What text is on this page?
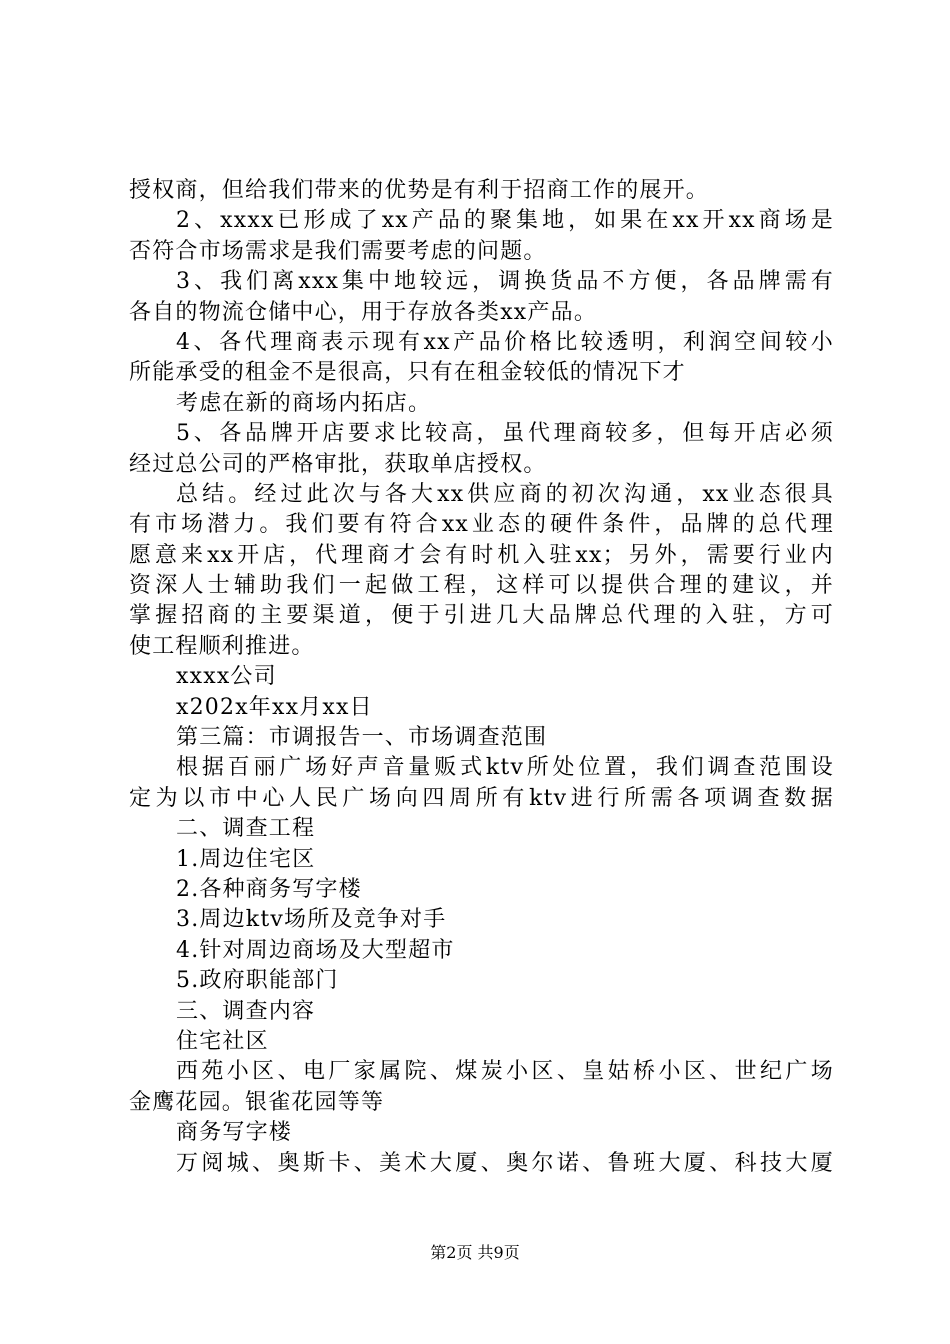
授权商，但给我们带来的优势是有利于招商工作的展开。
2、xxxx已形成了xx产品的聚集地，如果在xx开xx商场是
否符合市场需求是我们需要考虑的问题。
3、我们离xxx集中地较远，调换货品不方便，各品牌需有
各自的物流仓储中心，用于存放各类xx产品。
4、各代理商表示现有xx产品价格比较透明，利润空间较小
所能承受的租金不是很高，只有在租金较低的情况下才
考虑在新的商场内拓店。
5、各品牌开店要求比较高，虽代理商较多，但每开店必须
经过总公司的严格审批，获取单店授权。
总结。经过此次与各大xx供应商的初次沟通，xx业态很具
有市场潜力。我们要有符合xx业态的硬件条件，品牌的总代理
愿意来xx开店，代理商才会有时机入驻xx；另外，需要行业内
资深人士辅助我们一起做工程，这样可以提供合理的建议，并
掌握招商的主要渠道，便于引进几大品牌总代理的入驻，方可
使工程顺利推进。
xxxx公司
x202x年xx月xx日
第三篇：市调报告一、市场调查范围
根据百丽广场好声音量贩式ktv所处位置，我们调查范围设
定为以市中心人民广场向四周所有ktv进行所需各项调查数据
二、调查工程
1.周边住宅区
2.各种商务写字楼
3.周边ktv场所及竞争对手
4.针对周边商场及大型超市
5.政府职能部门
三、调查内容
住宅社区
西苑小区、电厂家属院、煤炭小区、皇姑桥小区、世纪广场
金鹰花园。银雀花园等等
商务写字楼
万阅城、奥斯卡、美术大厦、奥尔诺、鲁班大厦、科技大厦
第2页 共9页
